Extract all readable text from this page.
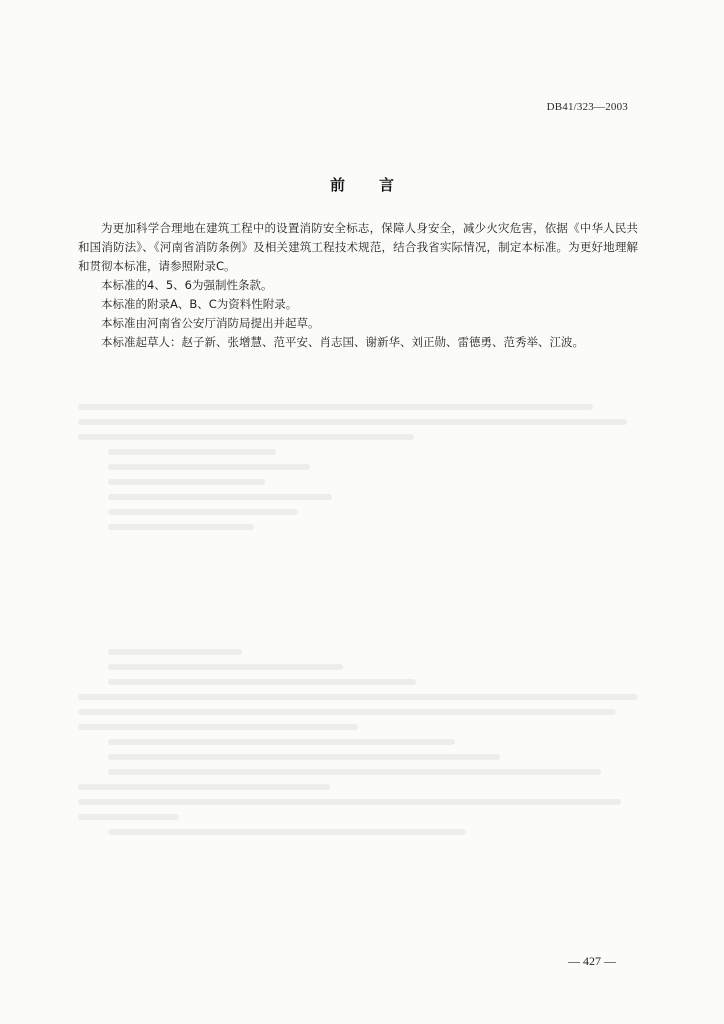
DB41/323—2003
前言

为更加科学合理地在建筑工程中的设置消防安全标志，保障人身安全，减少火灾危害，依据《中华人民共和国消防法》、《河南省消防条例》及相关建筑工程技术规范，结合我省实际情况，制定本标准。为更好地理解和贯彻本标准，请参照附录C。

本标准的4、5、6为强制性条款。

本标准的附录A、B、C为资料性附录。

本标准由河南省公安厅消防局提出并起草。

本标准起草人：赵子新、张增慧、范平安、肖志国、谢新华、刘正勋、雷德勇、范秀举、江波。

— 427 —
